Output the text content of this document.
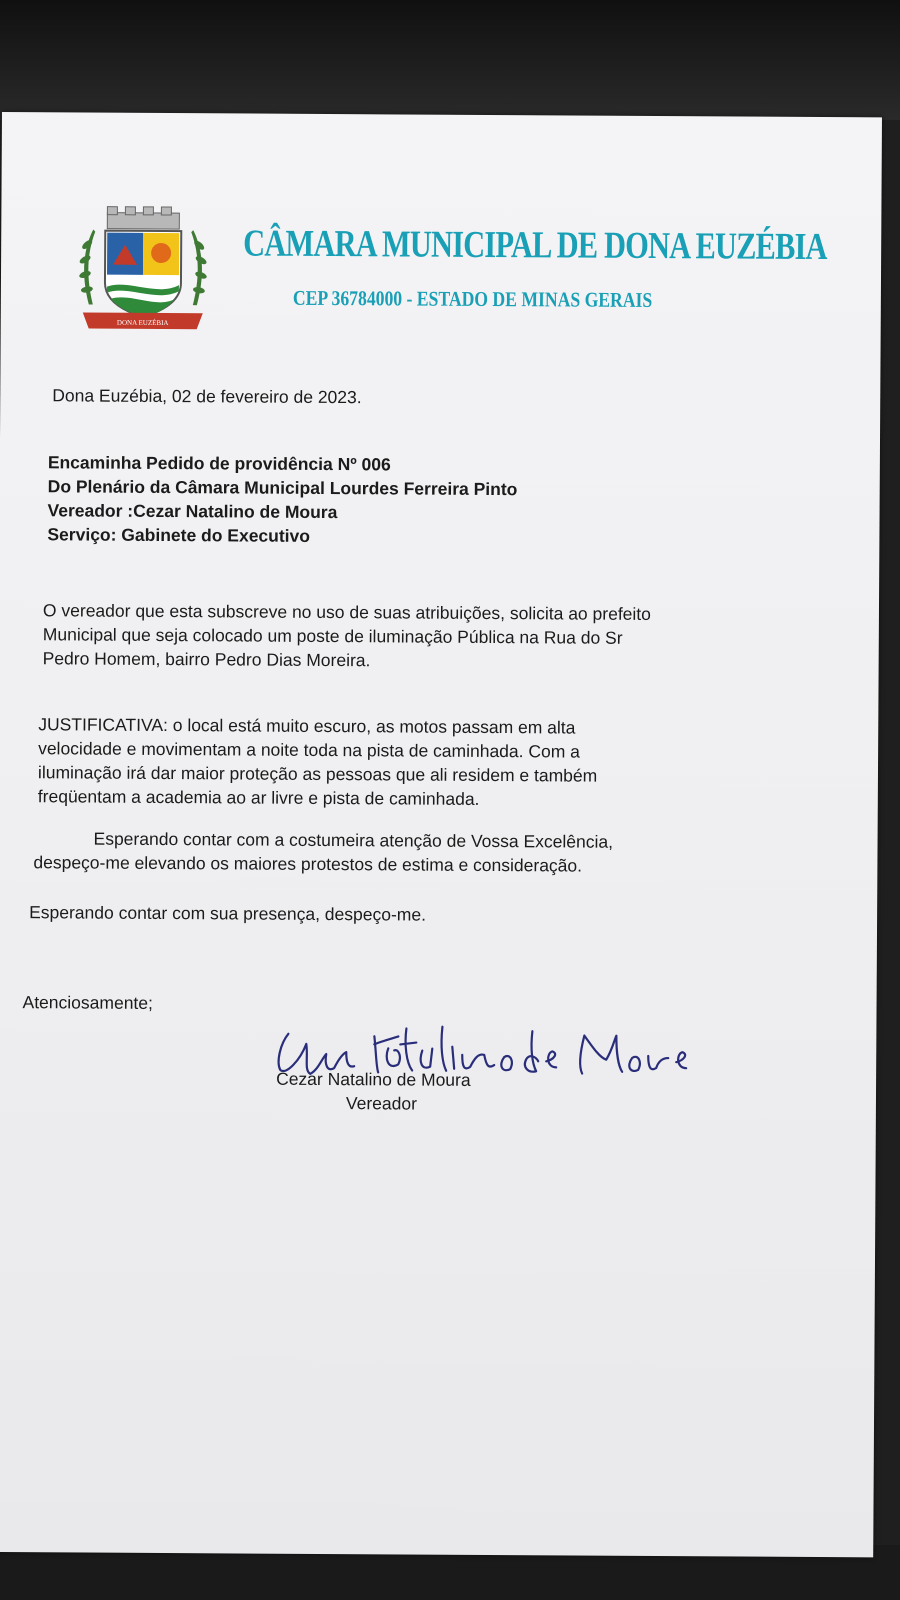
DONA EUZÉBIA
CÂMARA MUNICIPAL DE DONA EUZÉBIA
CEP 36784000 - ESTADO DE MINAS GERAIS
Dona Euzébia, 02 de fevereiro de 2023.
Encaminha Pedido de providência Nº 006
Do Plenário da Câmara Municipal Lourdes Ferreira Pinto
Vereador :Cezar Natalino de Moura
Serviço: Gabinete do Executivo
O vereador que esta subscreve no uso de suas atribuições, solicita ao prefeito
Municipal que seja colocado um poste de iluminação Pública na Rua do Sr
Pedro Homem, bairro Pedro Dias Moreira.
JUSTIFICATIVA: o local está muito escuro, as motos passam em alta
velocidade e movimentam a noite toda na pista de caminhada. Com a
iluminação irá dar maior proteção as pessoas que ali residem e também
freqüentam a academia ao ar livre e pista de caminhada.
Esperando contar com a costumeira atenção de Vossa Excelência,
despeço-me elevando os maiores protestos de estima e consideração.
Esperando contar com sua presença, despeço-me.
Atenciosamente;
Cezar Natalino de Moura
Vereador
